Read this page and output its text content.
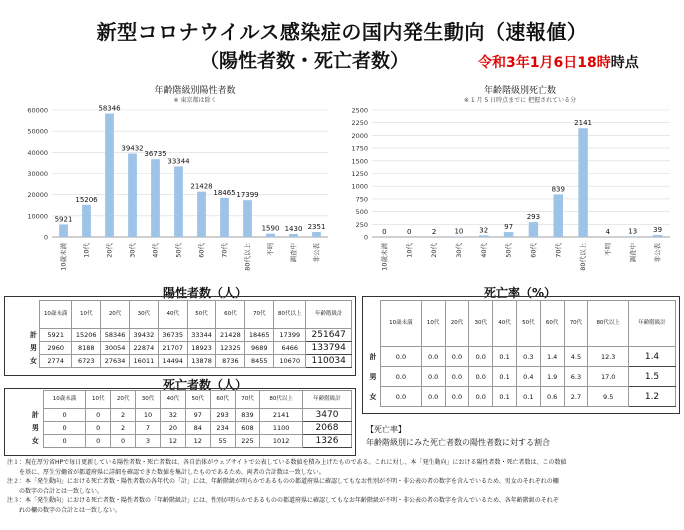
新型コロナウイルス感染症の国内発生動向（速報値）
（陽性者数・死亡者数）	令和3年1月6日18時時点
年齢階級別陽性者数
※ 東京都は除く
0
10000
20000
30000
40000
50000
60000
5921
10歳未満
15206
10代
58346
20代
39432
30代
36735
40代
33344
50代
21428
60代
18465
70代
17399
80代以上
1590
不明
1430
調査中
2351
非公表
年齢階級別死亡数
※ 1 月 5 日時点までに 把握されている分
0
250
500
750
1000
1250
1500
1750
2000
2250
2500
0
10歳未満
0
10代
2
20代
10
30代
32
40代
97
50代
293
60代
839
70代
2141
80代以上
4
不明
13
調査中
39
非公表
陽性者数（人）
	10歳未満	10代	20代	30代	40代	50代	60代	70代	80代以上	年齢階級計
計	5921	15206	58346	39432	36735	33344	21428	18465	17399	251647
男	2960	8188	30054	22874	21707	18923	12325	9689	6466	133794
女	2774	6723	27634	16011	14494	13878	8736	8455	10670	110034
死亡者数（人）
	10歳未満	10代	20代	30代	40代	50代	60代	70代	80代以上	年齢階級計
計	0	0	2	10	32	97	293	839	2141	3470
男	0	0	2	7	20	84	234	608	1100	2068
女	0	0	0	3	12	12	55	225	1012	1326
死亡率（%）
	10歳未満	10代	20代	30代	40代	50代	60代	70代	80代以上	年齢階級計
計	0.0	0.0	0.0	0.0	0.1	0.3	1.4	4.5	12.3	1.4
男	0.0	0.0	0.0	0.0	0.1	0.4	1.9	6.3	17.0	1.5
女	0.0	0.0	0.0	0.0	0.1	0.1	0.6	2.7	9.5	1.2
【死亡率】
年齢階級別にみた死亡者数の陽性者数に対する割合
注１：現在厚労省HPで毎日更新している陽性者数・死亡者数は、各自治体がウェブサイトで公表している数値を積み上げたものである。これに対し、本「発生動向」における陽性者数・死亡者数は、この数値
　　を基に、厚生労働省が都道府県に詳細を確認できた数値を集計したものであるため、両者の合計数は一致しない。
注２：本「発生動向」における死亡者数・陽性者数の各年代の「計」には、年齢階級が明らかであるものの都道府県に確認してもなお性別が不明・非公表の者の数字を含んでいるため、男女のそれぞれの欄
　　の数字の合計とは一致しない。
注３：本「発生動向」における死亡者数・陽性者数の「年齢階級計」には、性別が明らかであるものの都道府県に確認してもなお年齢階級が不明・非公表の者の数字を含んでいるため、各年齢階級のそれぞ
　　れの欄の数字の合計とは一致しない。
